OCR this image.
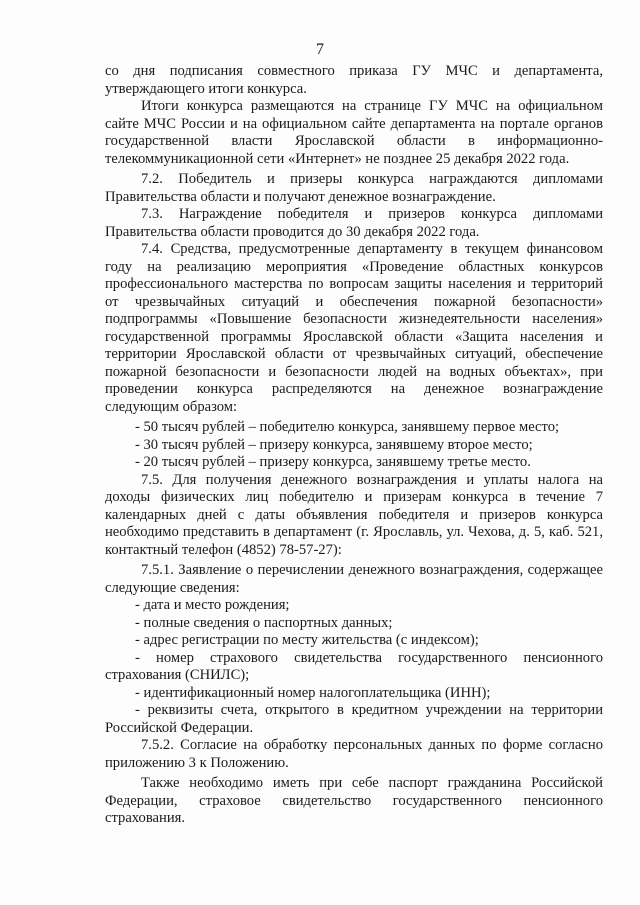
7

со дня подписания совместного приказа ГУ МЧС и департамента, утверждающего итоги конкурса.

Итоги конкурса размещаются на странице ГУ МЧС на официальном сайте МЧС России и на официальном сайте департамента на портале органов государственной власти Ярославской области в информационно-телекоммуникационной сети «Интернет» не позднее 25 декабря 2022 года.

7.2. Победитель и призеры конкурса награждаются дипломами Правительства области и получают денежное вознаграждение.

7.3. Награждение победителя и призеров конкурса дипломами Правительства области проводится до 30 декабря 2022 года.

7.4. Средства, предусмотренные департаменту в текущем финансовом году на реализацию мероприятия «Проведение областных конкурсов профессионального мастерства по вопросам защиты населения и территорий от чрезвычайных ситуаций и обеспечения пожарной безопасности» подпрограммы «Повышение безопасности жизнедеятельности населения» государственной программы Ярославской области «Защита населения и территории Ярославской области от чрезвычайных ситуаций, обеспечение пожарной безопасности и безопасности людей на водных объектах», при проведении конкурса распределяются на денежное вознаграждение следующим образом:

- 50 тысяч рублей – победителю конкурса, занявшему первое место;

- 30 тысяч рублей – призеру конкурса, занявшему второе место;

- 20 тысяч рублей – призеру конкурса, занявшему третье место.

7.5. Для получения денежного вознаграждения и уплаты налога на доходы физических лиц победителю и призерам конкурса в течение 7 календарных дней с даты объявления победителя и призеров конкурса необходимо представить в департамент (г. Ярославль, ул. Чехова, д. 5, каб. 521, контактный телефон (4852) 78-57-27):

7.5.1. Заявление о перечислении денежного вознаграждения, содержащее следующие сведения:

- дата и место рождения;

- полные сведения о паспортных данных;

- адрес регистрации по месту жительства (с индексом);

- номер страхового свидетельства государственного пенсионного страхования (СНИЛС);

- идентификационный номер налогоплательщика (ИНН);

- реквизиты счета, открытого в кредитном учреждении на территории Российской Федерации.

7.5.2. Согласие на обработку персональных данных по форме согласно приложению 3 к Положению.

Также необходимо иметь при себе паспорт гражданина Российской Федерации, страховое свидетельство государственного пенсионного страхования.
